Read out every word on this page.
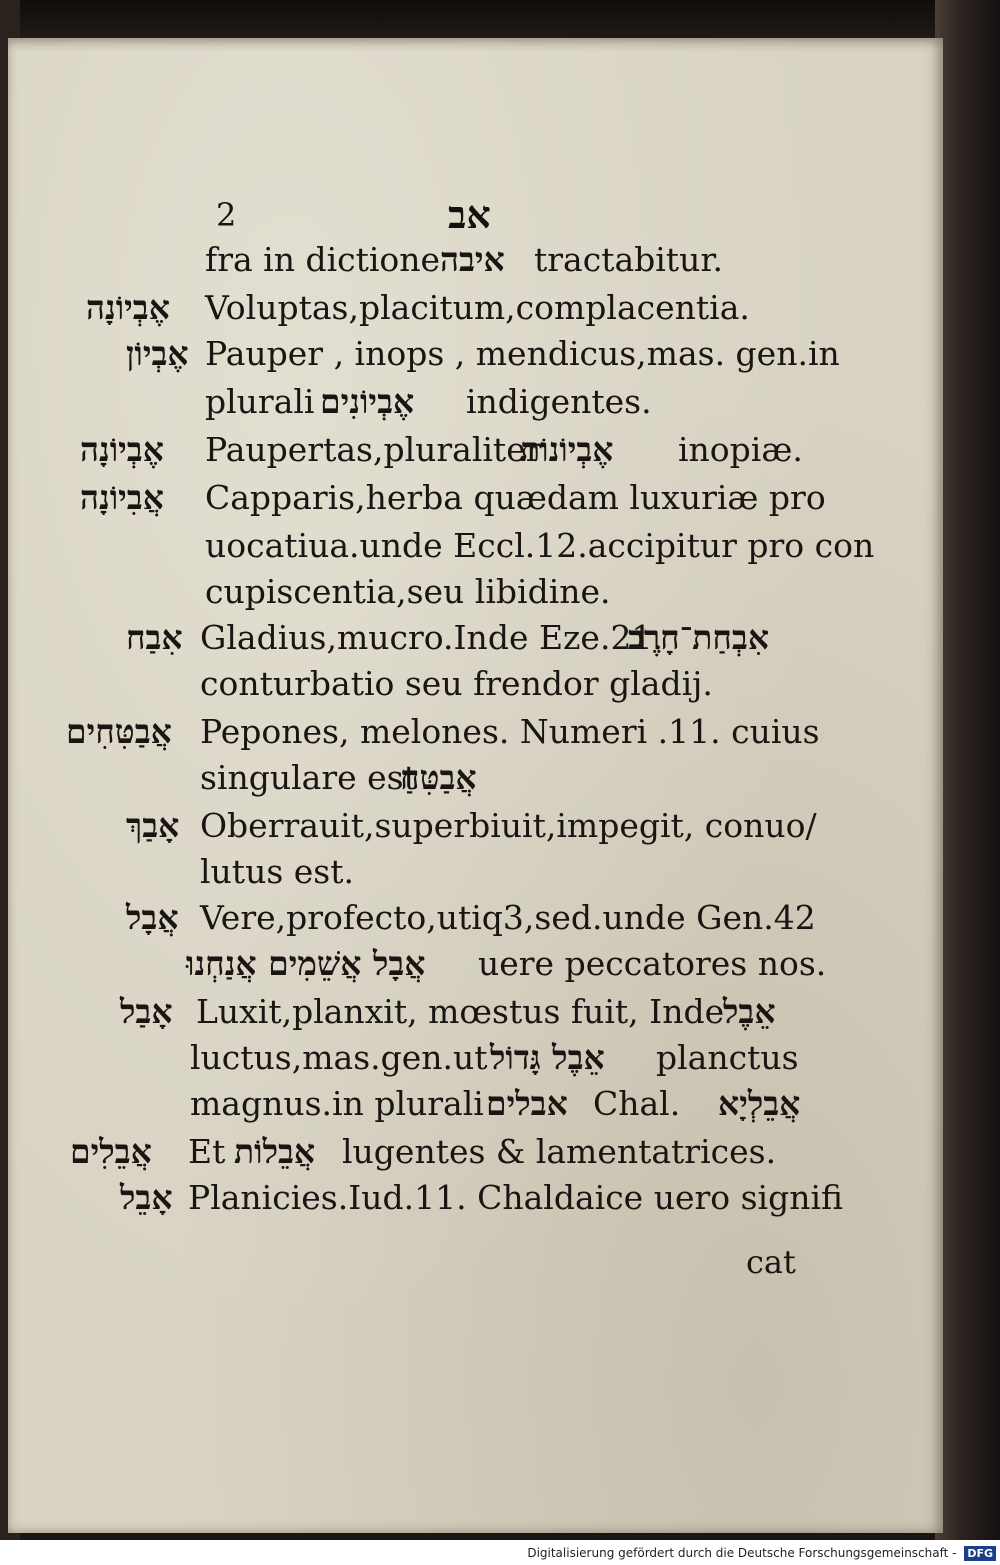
2	אב
fra in dictione איבה tractabitur.
אֶבְיוֹנָה Voluptas,placitum,complacentia.
אֶבְיוֹן Pauper , inops , mendicus,mas. gen.in
plurali אֶבְיוֹנִים indigentes.
אֶבְיוֹנָה Paupertas,pluraliter
אֶבְיוֹנוֹת inopiæ.
אֲבִיוֹנָה Capparis,herba quædam luxuriæ pro
uocatiua.unde Eccl.12.accipitur pro con
cupiscentia,seu libidine.
אִבַח Gladius,mucro.Inde Eze.21.
אִבְחַת־חָרֶב
conturbatio seu frendor gladij.
אֲבַטִּחִים Pepones, melones. Numeri .11. cuius
singulare est
אֲבַטִּחַ
אָבַךְ Oberrauit,superbiuit,impegit, conuo/
lutus est.
אֲבָל Vere,profecto,utiq3,sed.unde Gen.42
אֲבָל אֲשֵׁמִים אֲנַחְנוּ uere peccatores nos.
אָבַל Luxit,planxit, mœstus fuit, Inde
אֵבֶל
luctus,mas.gen.ut אֵבֶל גָּדוֹל planctus
magnus.in plurali אבלים Chal. אֲבֵלְיָא
אֲבֵלִים Et אֲבֵלוֹת lugentes & lamentatrices.
אָבֵל Planicies.Iud.11. Chaldaice uero signifi
cat
Digitalisierung gefördert durch die Deutsche Forschungsgemeinschaft - DFG
